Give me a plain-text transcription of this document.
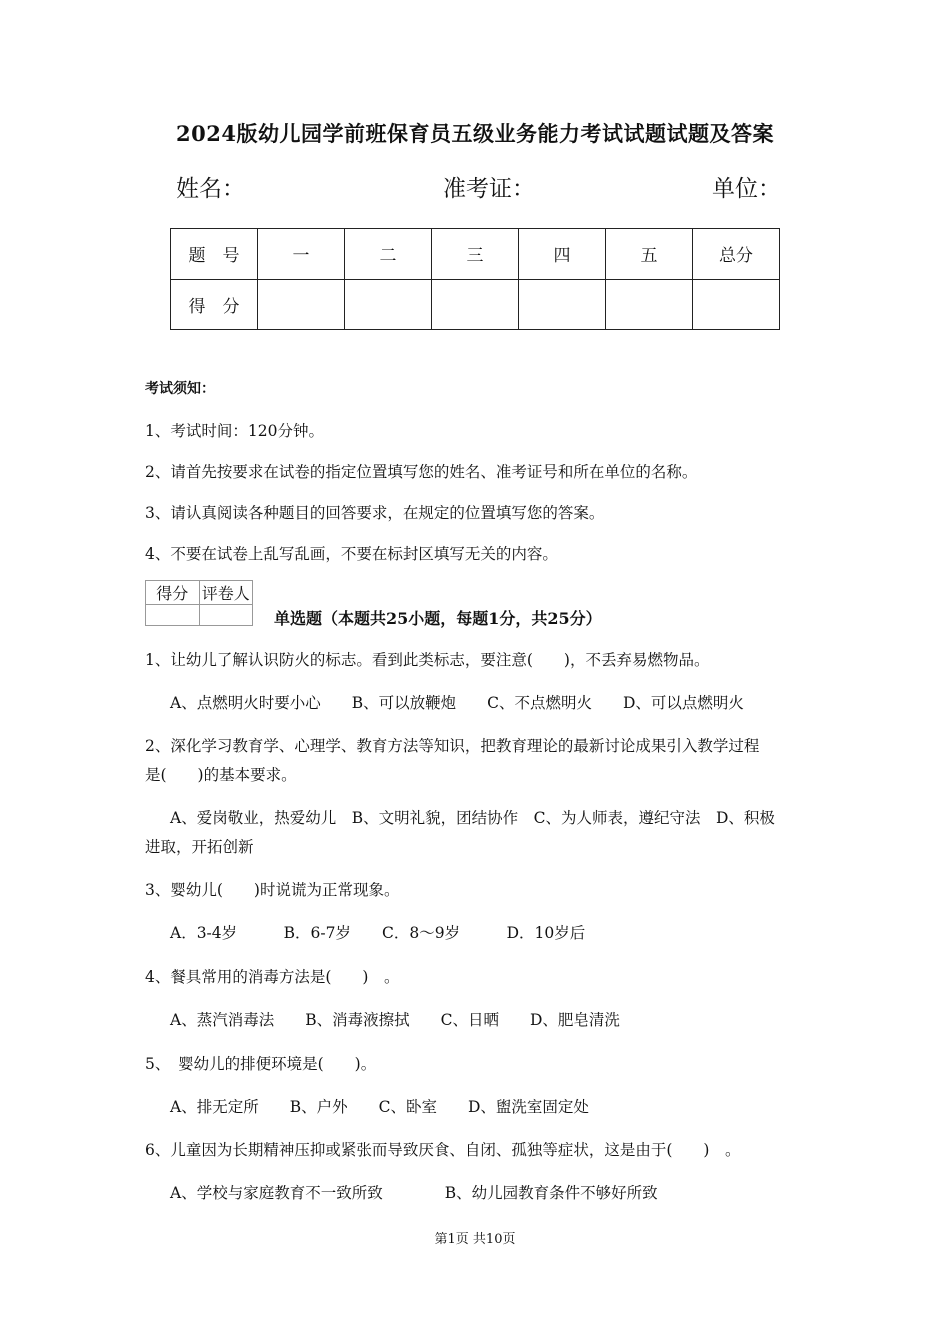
2024版幼儿园学前班保育员五级业务能力考试试题试题及答案
姓名：	准考证：	单位：
题　号	一	二	三	四	五	总分
得　分						
考试须知：
1、考试时间：120分钟。
2、请首先按要求在试卷的指定位置填写您的姓名、准考证号和所在单位的名称。
3、请认真阅读各种题目的回答要求，在规定的位置填写您的答案。
4、不要在试卷上乱写乱画，不要在标封区填写无关的内容。
得分	评卷人

单选题（本题共25小题，每题1分，共25分）
1、让幼儿了解认识防火的标志。看到此类标志，要注意(　　)，不丢弃易燃物品。
A、点燃明火时要小心　　B、可以放鞭炮　　C、不点燃明火　　D、可以点燃明火
2、深化学习教育学、心理学、教育方法等知识，把教育理论的最新讨论成果引入教学过程
是(　　)的基本要求。
A、爱岗敬业，热爱幼儿　B、文明礼貌，团结协作　C、为人师表，遵纪守法　D、积极
进取，开拓创新
3、婴幼儿(　　)时说谎为正常现象。
A．3-4岁　　　B．6-7岁　　C．8～9岁　　　D．10岁后
4、餐具常用的消毒方法是(　　)　。
A、蒸汽消毒法　　B、消毒液擦拭　　C、日晒　　D、肥皂清洗
5、　婴幼儿的排便环境是(　　)。
A、排无定所　　B、户外　　C、卧室　　D、盥洗室固定处
6、儿童因为长期精神压抑或紧张而导致厌食、自闭、孤独等症状，这是由于(　　)　。
A、学校与家庭教育不一致所致　　　　B、幼儿园教育条件不够好所致
第1页 共10页
